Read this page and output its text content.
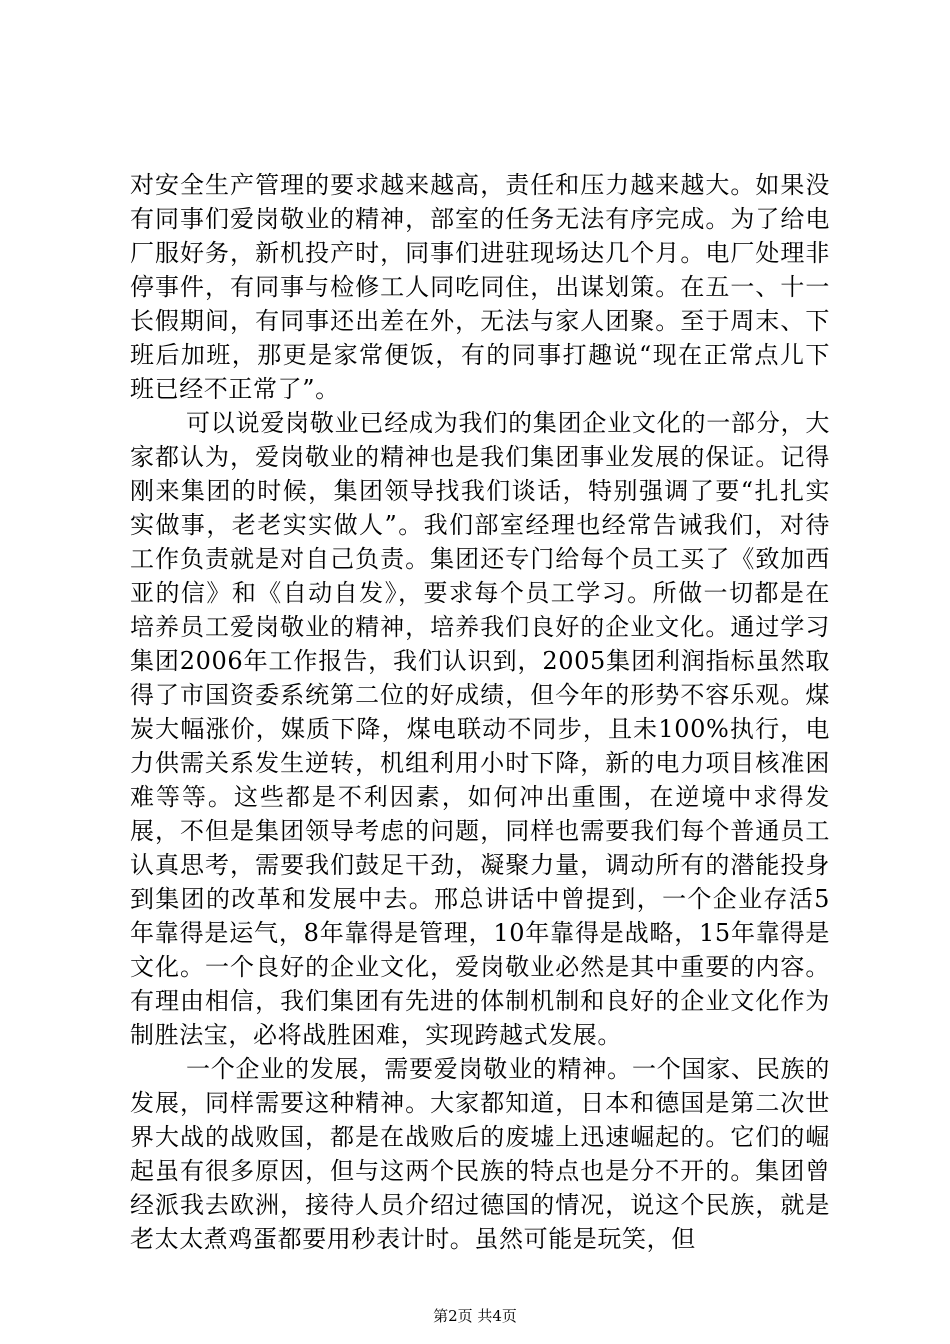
对安全生产管理的要求越来越高，责任和压力越来越大。如果没有同事们爱岗敬业的精神，部室的任务无法有序完成。为了给电厂服好务，新机投产时，同事们进驻现场达几个月。电厂处理非停事件，有同事与检修工人同吃同住，出谋划策。在五一、十一长假期间，有同事还出差在外，无法与家人团聚。至于周末、下班后加班，那更是家常便饭，有的同事打趣说“现在正常点儿下班已经不正常了”。

可以说爱岗敬业已经成为我们的集团企业文化的一部分，大家都认为，爱岗敬业的精神也是我们集团事业发展的保证。记得刚来集团的时候，集团领导找我们谈话，特别强调了要“扎扎实实做事，老老实实做人”。我们部室经理也经常告诫我们，对待工作负责就是对自己负责。集团还专门给每个员工买了《致加西亚的信》和《自动自发》，要求每个员工学习。所做一切都是在培养员工爱岗敬业的精神，培养我们良好的企业文化。通过学习集团2006年工作报告，我们认识到，2005集团利润指标虽然取得了市国资委系统第二位的好成绩，但今年的形势不容乐观。煤炭大幅涨价，媒质下降，煤电联动不同步，且未100%执行，电力供需关系发生逆转，机组利用小时下降，新的电力项目核准困难等等。这些都是不利因素，如何冲出重围，在逆境中求得发展，不但是集团领导考虑的问题，同样也需要我们每个普通员工认真思考，需要我们鼓足干劲，凝聚力量，调动所有的潜能投身到集团的改革和发展中去。邢总讲话中曾提到，一个企业存活5年靠得是运气，8年靠得是管理，10年靠得是战略，15年靠得是文化。一个良好的企业文化，爱岗敬业必然是其中重要的内容。有理由相信，我们集团有先进的体制机制和良好的企业文化作为制胜法宝，必将战胜困难，实现跨越式发展。

一个企业的发展，需要爱岗敬业的精神。一个国家、民族的发展，同样需要这种精神。大家都知道，日本和德国是第二次世界大战的战败国，都是在战败后的废墟上迅速崛起的。它们的崛起虽有很多原因，但与这两个民族的特点也是分不开的。集团曾经派我去欧洲，接待人员介绍过德国的情况，说这个民族，就是老太太煮鸡蛋都要用秒表计时。虽然可能是玩笑，但

第2页 共4页
